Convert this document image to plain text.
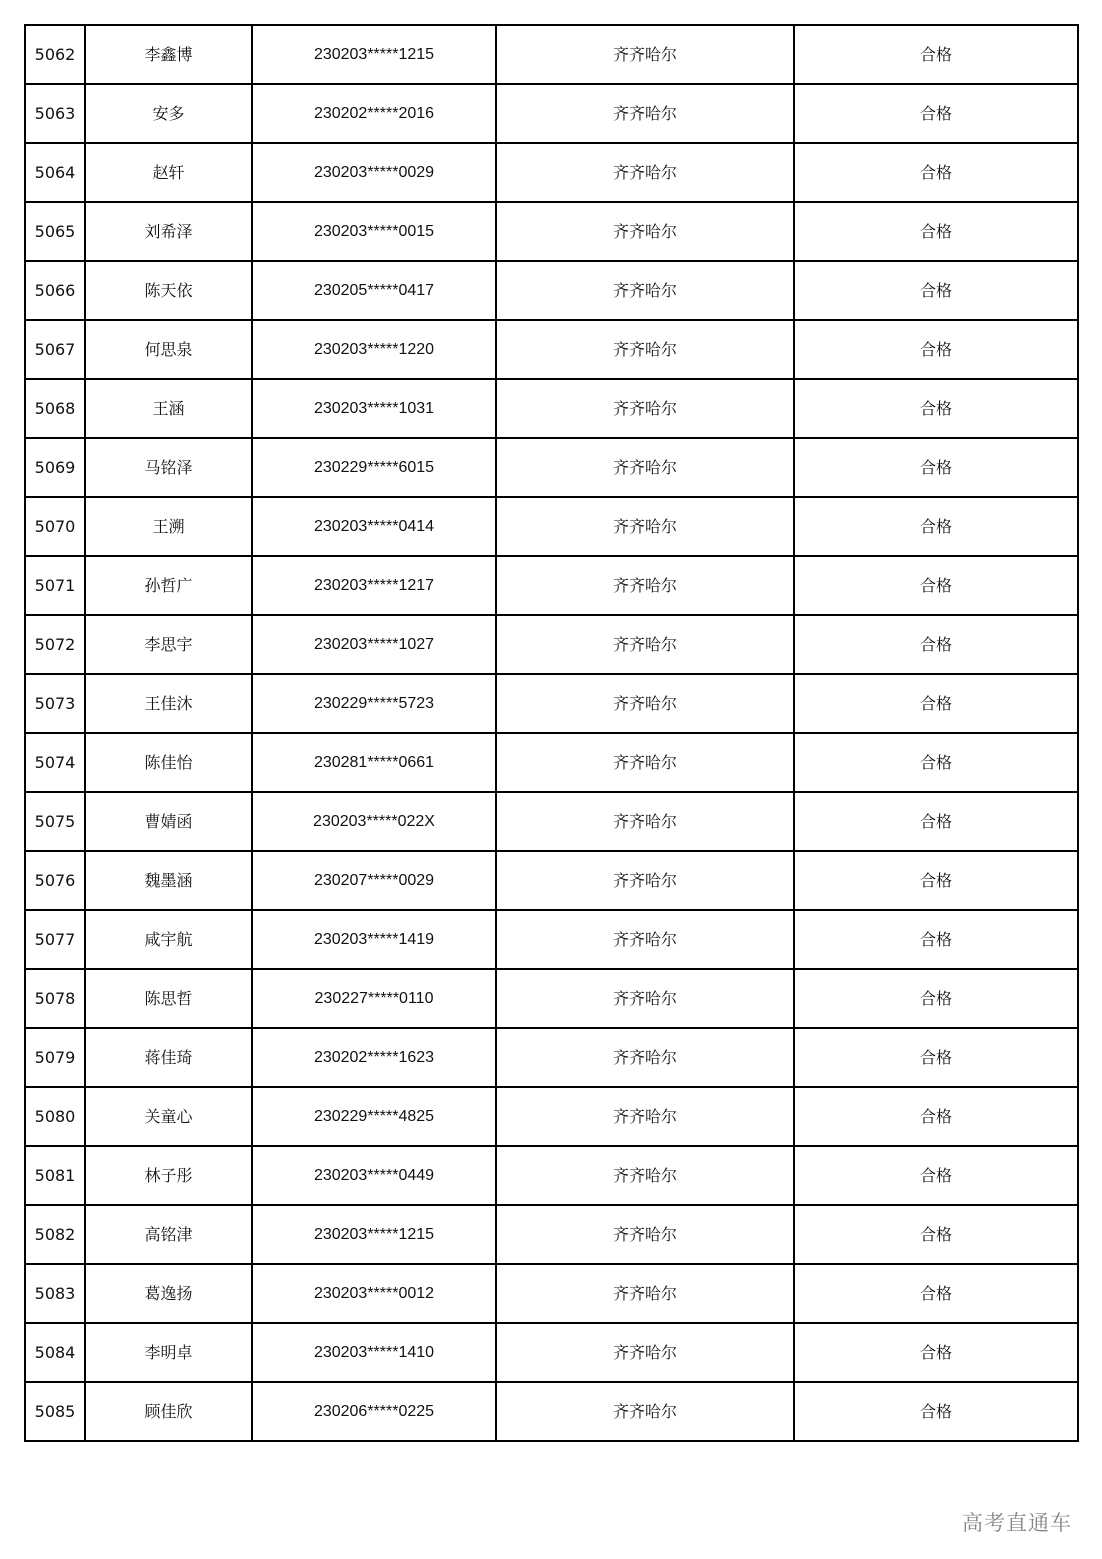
5062	李鑫博	230203*****1215	齐齐哈尔	合格
5063	安多	230202*****2016	齐齐哈尔	合格
5064	赵轩	230203*****0029	齐齐哈尔	合格
5065	刘希泽	230203*****0015	齐齐哈尔	合格
5066	陈天依	230205*****0417	齐齐哈尔	合格
5067	何思泉	230203*****1220	齐齐哈尔	合格
5068	王涵	230203*****1031	齐齐哈尔	合格
5069	马铭泽	230229*****6015	齐齐哈尔	合格
5070	王溯	230203*****0414	齐齐哈尔	合格
5071	孙哲广	230203*****1217	齐齐哈尔	合格
5072	李思宇	230203*****1027	齐齐哈尔	合格
5073	王佳沐	230229*****5723	齐齐哈尔	合格
5074	陈佳怡	230281*****0661	齐齐哈尔	合格
5075	曹婧函	230203*****022X	齐齐哈尔	合格
5076	魏墨涵	230207*****0029	齐齐哈尔	合格
5077	咸宇航	230203*****1419	齐齐哈尔	合格
5078	陈思哲	230227*****0110	齐齐哈尔	合格
5079	蒋佳琦	230202*****1623	齐齐哈尔	合格
5080	关童心	230229*****4825	齐齐哈尔	合格
5081	林子彤	230203*****0449	齐齐哈尔	合格
5082	高铭津	230203*****1215	齐齐哈尔	合格
5083	葛逸扬	230203*****0012	齐齐哈尔	合格
5084	李明卓	230203*****1410	齐齐哈尔	合格
5085	顾佳欣	230206*****0225	齐齐哈尔	合格
高考直通车
